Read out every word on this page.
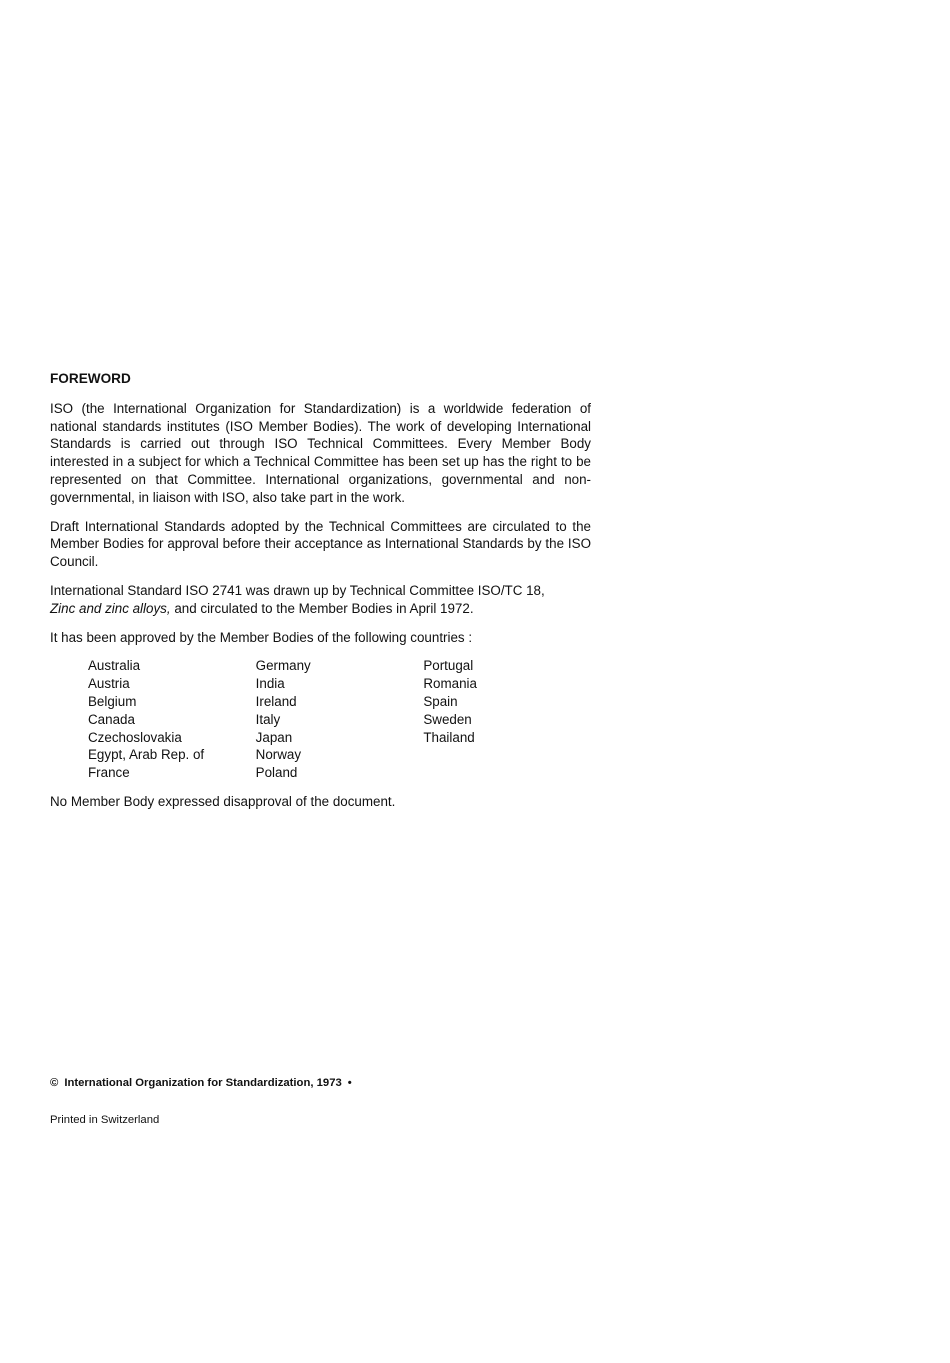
FOREWORD

ISO (the International Organization for Standardization) is a worldwide federation of national standards institutes (ISO Member Bodies). The work of developing International Standards is carried out through ISO Technical Committees. Every Member Body interested in a subject for which a Technical Committee has been set up has the right to be represented on that Committee. International organizations, governmental and non-governmental, in liaison with ISO, also take part in the work.

Draft International Standards adopted by the Technical Committees are circulated to the Member Bodies for approval before their acceptance as International Standards by the ISO Council.

International Standard ISO 2741 was drawn up by Technical Committee ISO/TC 18,
Zinc and zinc alloys, and circulated to the Member Bodies in April 1972.

It has been approved by the Member Bodies of the following countries :

Australia
Austria
Belgium
Canada
Czechoslovakia
Egypt, Arab Rep. of
France
Germany
India
Ireland
Italy
Japan
Norway
Poland
Portugal
Romania
Spain
Sweden
Thailand

No Member Body expressed disapproval of the document.

© International Organization for Standardization, 1973 •
Printed in Switzerland
